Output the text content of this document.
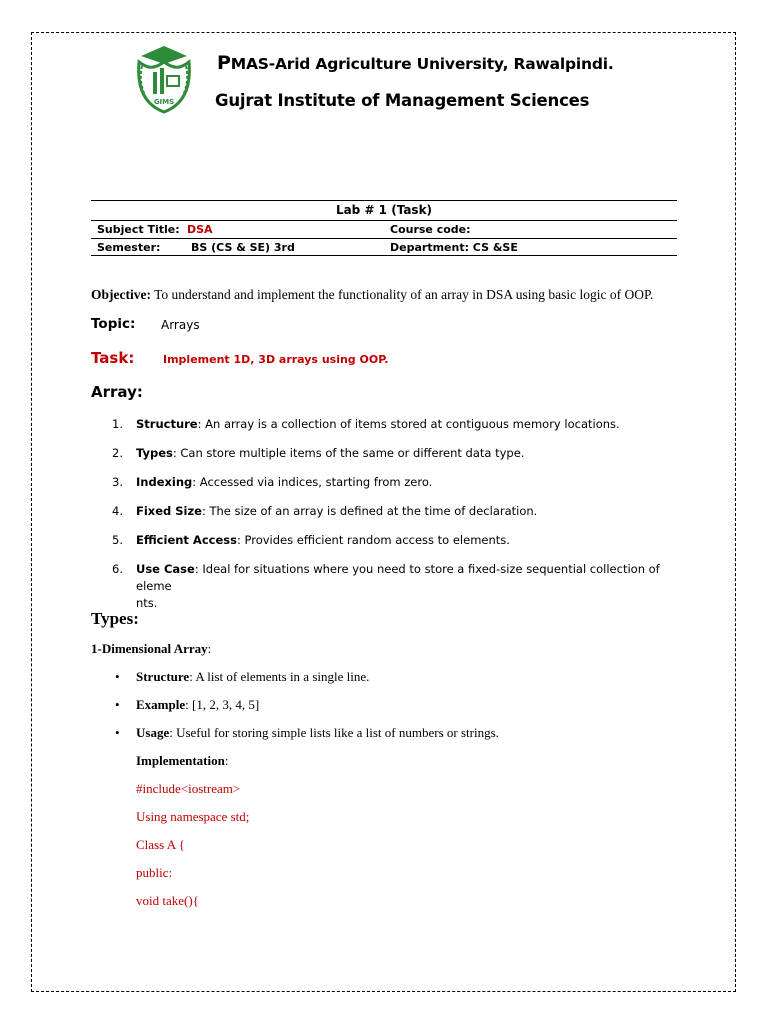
GIMS
PMAS-Arid Agriculture University, Rawalpindi.
Gujrat Institute of Management Sciences
Lab # 1 (Task)
Subject Title: DSA	Course code:
Semester:	BS (CS & SE) 3rd	Department: CS &SE
Objective: To understand and implement the functionality of an array in DSA using basic logic of OOP.
Topic: Arrays
Task:	Implement 1D, 3D arrays using OOP.
Array:
1. Structure: An array is a collection of items stored at contiguous memory locations.
2. Types: Can store multiple items of the same or different data type.
3. Indexing: Accessed via indices, starting from zero.
4. Fixed Size: The size of an array is defined at the time of declaration.
5. Efficient Access: Provides efficient random access to elements.
6. Use Case: Ideal for situations where you need to store a fixed-size sequential collection of eleme
nts.
Types:
1-Dimensional Array:
• Structure: A list of elements in a single line.
• Example: [1, 2, 3, 4, 5]
• Usage: Useful for storing simple lists like a list of numbers or strings.
Implementation:
#include<iostream>
Using namespace std;
Class A {
public:
void take(){
